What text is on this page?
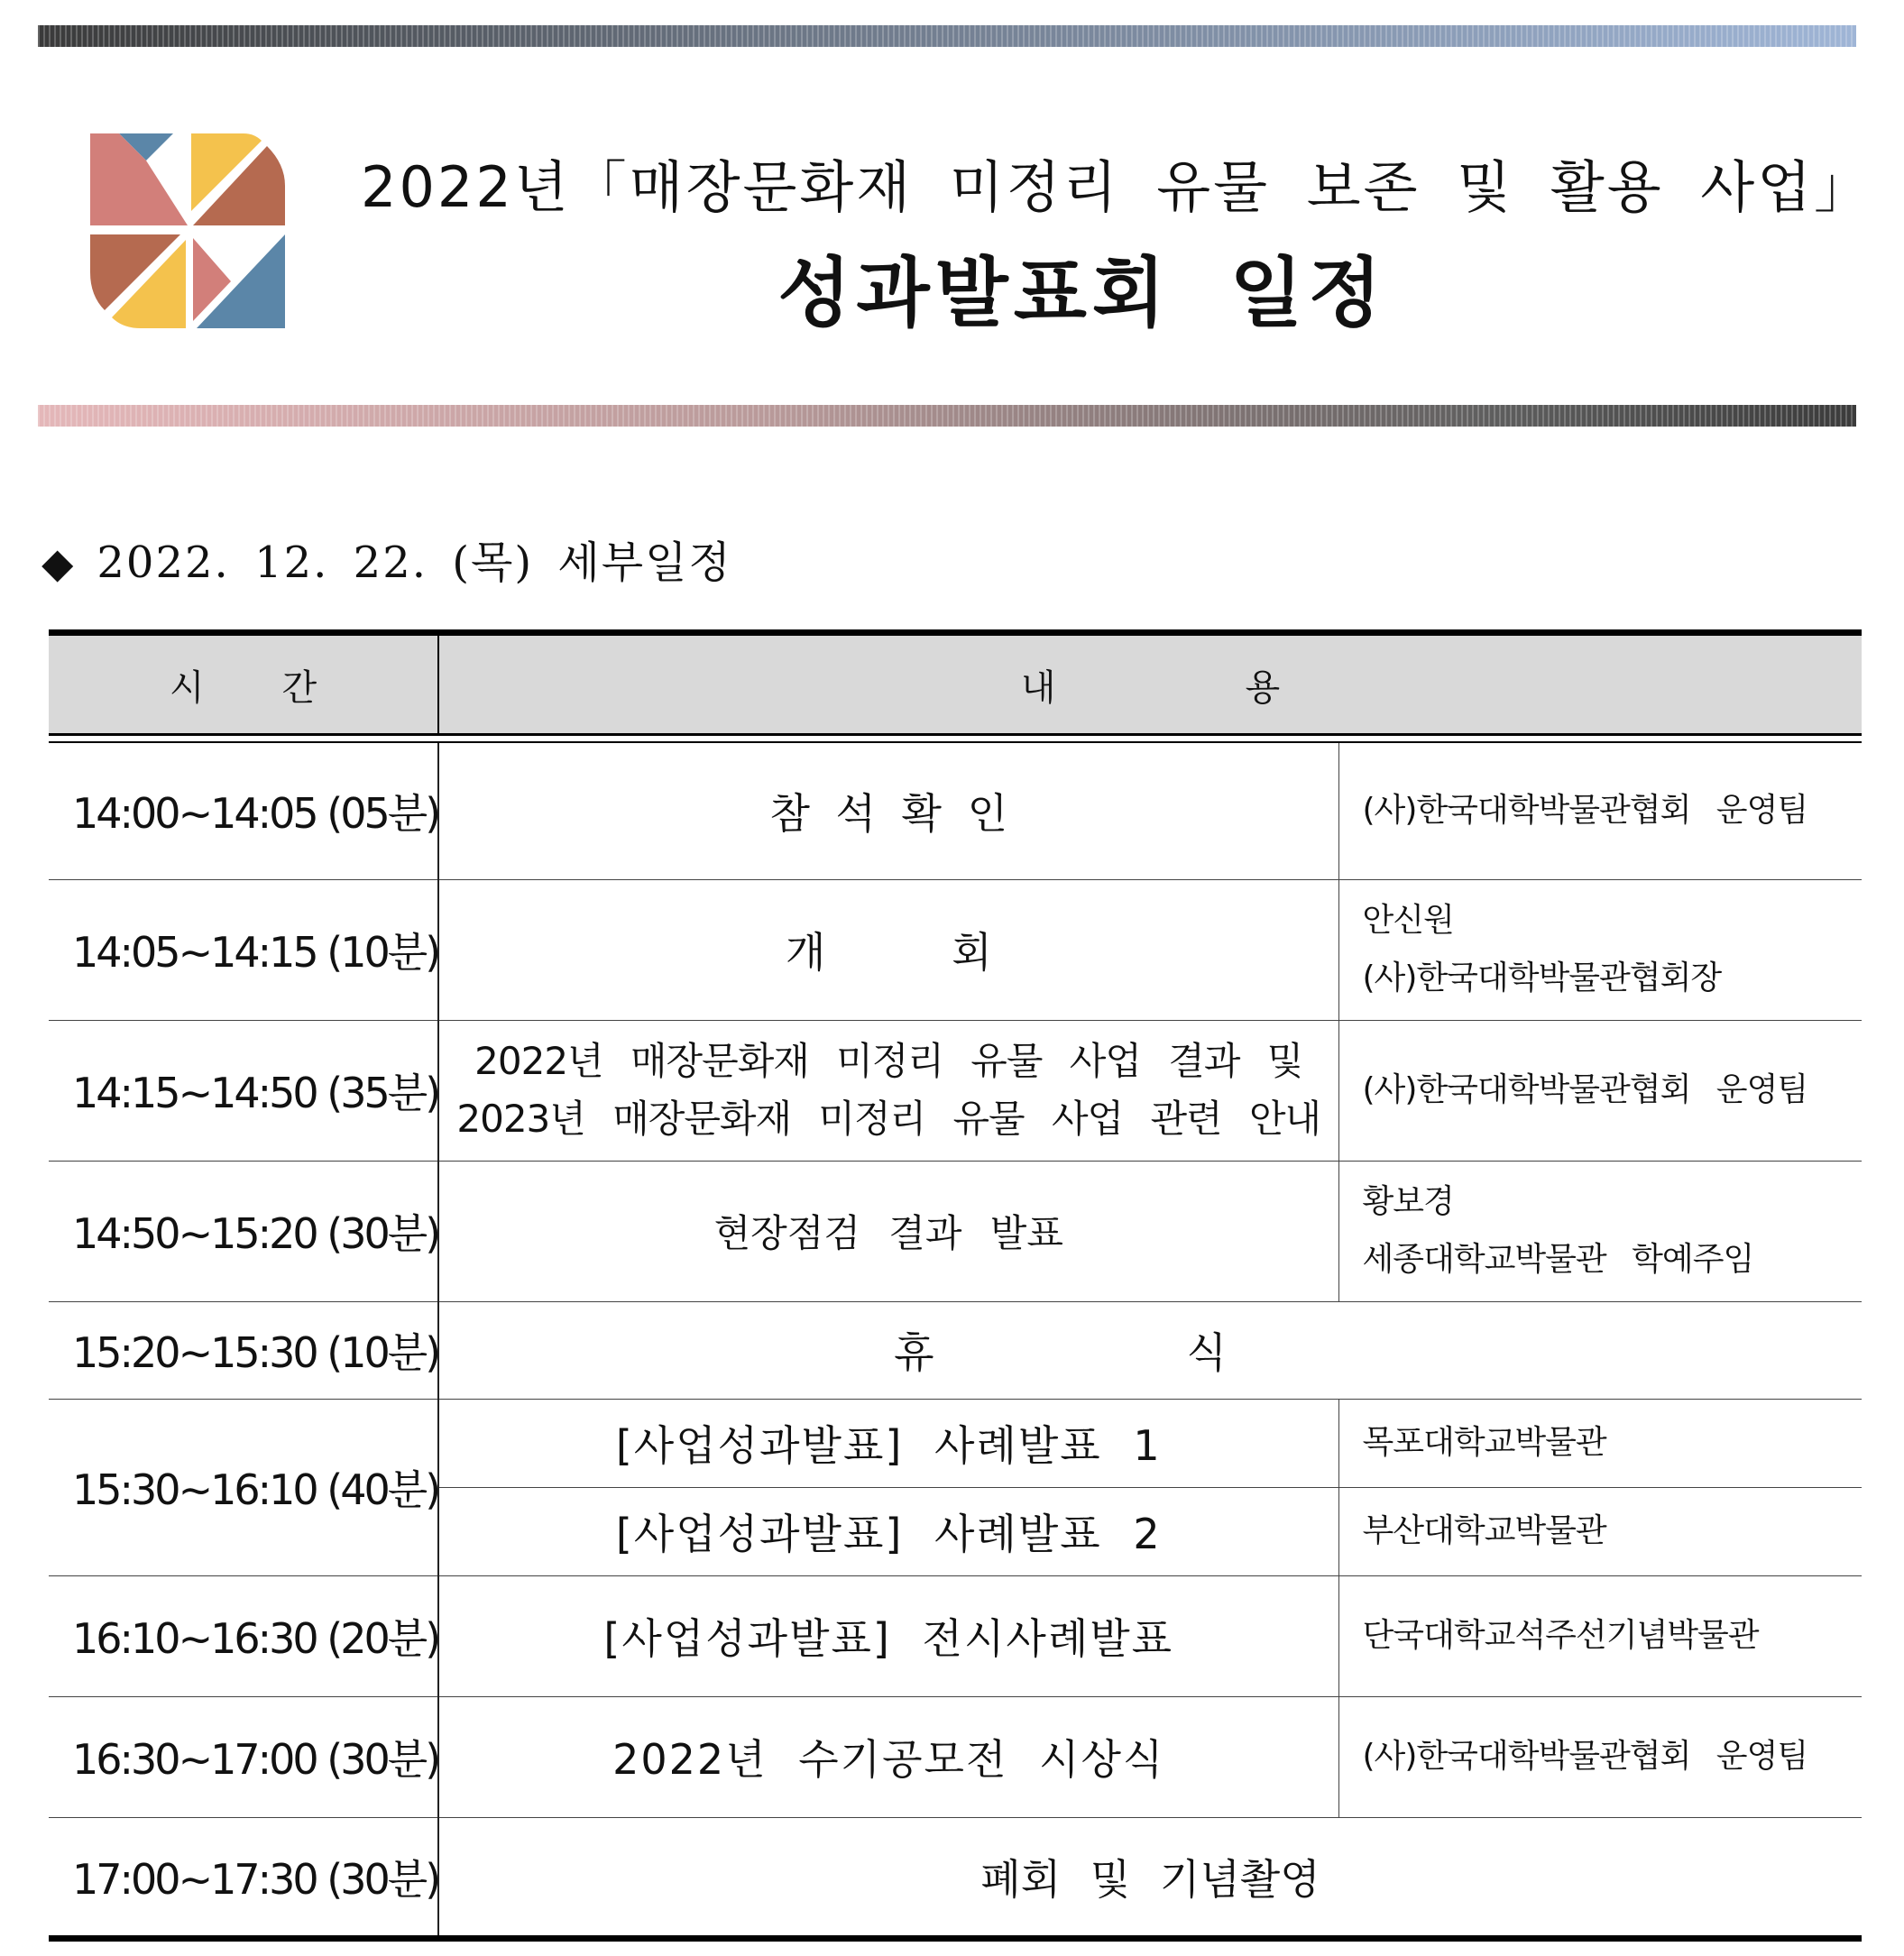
2022년「매장문화재 미정리 유물 보존 및 활용 사업」
성과발표회 일정
◆ 2022. 12. 22. (목) 세부일정
시 간	내 용	

14:00~14:05 (05분)	참 석 확 인	(사)한국대학박물관협회 운영팀
14:05~14:15 (10분)	개 회	안신원
(사)한국대학박물관협회장

14:15~14:50 (35분)	2022년 매장문화재 미정리 유물 사업 결과 및
2023년 매장문화재 미정리 유물 사업 관련 안내	(사)한국대학박물관협회 운영팀
14:50~15:20 (30분)	현장점검 결과 발표	황보경
세종대학교박물관 학예주임

15:20~15:30 (10분)	휴 식	
15:30~16:10 (40분)	[사업성과발표] 사례발표 1	목포대학교박물관
	[사업성과발표] 사례발표 2	부산대학교박물관
16:10~16:30 (20분)	[사업성과발표] 전시사례발표	단국대학교석주선기념박물관
16:30~17:00 (30분)	2022년 수기공모전 시상식	(사)한국대학박물관협회 운영팀
17:00~17:30 (30분)	폐회 및 기념촬영	
